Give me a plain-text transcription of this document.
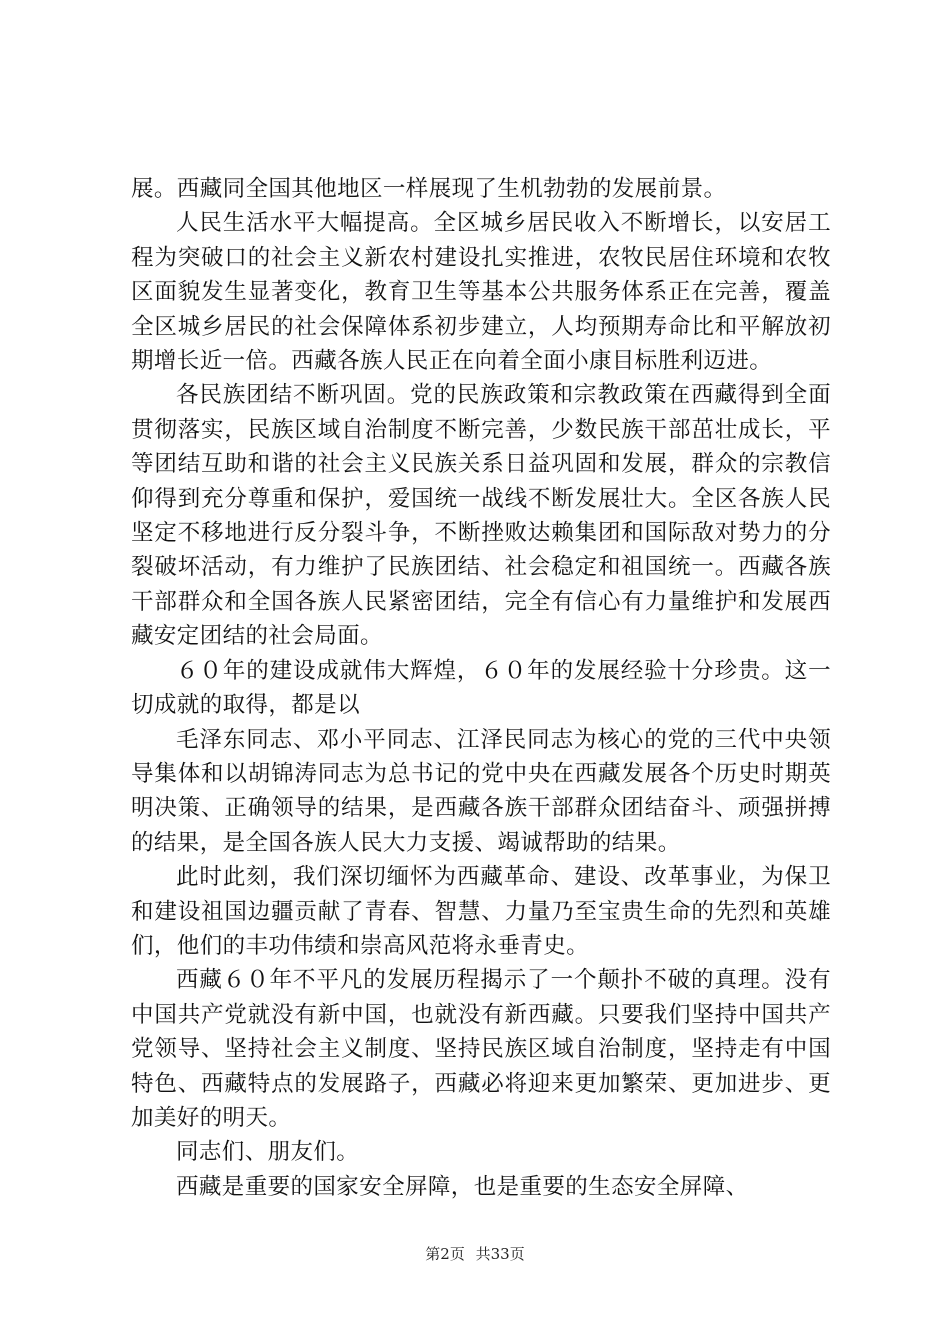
展。西藏同全国其他地区一样展现了生机勃勃的发展前景。

人民生活水平大幅提高。全区城乡居民收入不断增长，以安居工程为突破口的社会主义新农村建设扎实推进，农牧民居住环境和农牧区面貌发生显著变化，教育卫生等基本公共服务体系正在完善，覆盖全区城乡居民的社会保障体系初步建立，人均预期寿命比和平解放初期增长近一倍。西藏各族人民正在向着全面小康目标胜利迈进。

各民族团结不断巩固。党的民族政策和宗教政策在西藏得到全面贯彻落实，民族区域自治制度不断完善，少数民族干部茁壮成长，平等团结互助和谐的社会主义民族关系日益巩固和发展，群众的宗教信仰得到充分尊重和保护，爱国统一战线不断发展壮大。全区各族人民坚定不移地进行反分裂斗争，不断挫败达赖集团和国际敌对势力的分裂破坏活动，有力维护了民族团结、社会稳定和祖国统一。西藏各族干部群众和全国各族人民紧密团结，完全有信心有力量维护和发展西藏安定团结的社会局面。

６０年的建设成就伟大辉煌，６０年的发展经验十分珍贵。这一切成就的取得，都是以

毛泽东同志、邓小平同志、江泽民同志为核心的党的三代中央领导集体和以胡锦涛同志为总书记的党中央在西藏发展各个历史时期英明决策、正确领导的结果，是西藏各族干部群众团结奋斗、顽强拼搏的结果，是全国各族人民大力支援、竭诚帮助的结果。

此时此刻，我们深切缅怀为西藏革命、建设、改革事业，为保卫和建设祖国边疆贡献了青春、智慧、力量乃至宝贵生命的先烈和英雄们，他们的丰功伟绩和崇高风范将永垂青史。

西藏６０年不平凡的发展历程揭示了一个颠扑不破的真理。没有中国共产党就没有新中国，也就没有新西藏。只要我们坚持中国共产党领导、坚持社会主义制度、坚持民族区域自治制度，坚持走有中国特色、西藏特点的发展路子，西藏必将迎来更加繁荣、更加进步、更加美好的明天。

同志们、朋友们。

西藏是重要的国家安全屏障，也是重要的生态安全屏障、

第2页 共33页
